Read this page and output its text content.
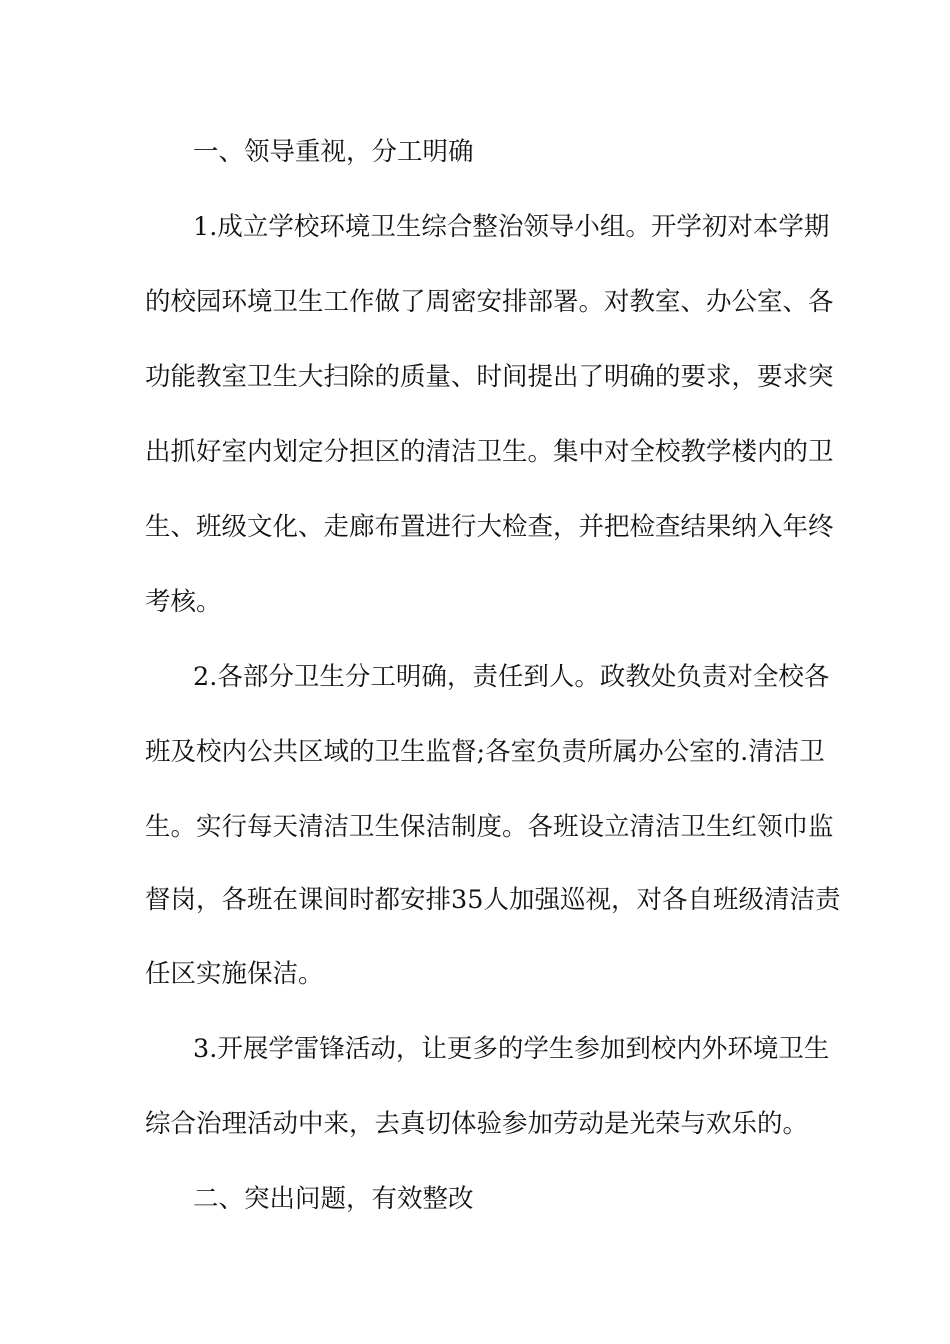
一、领导重视，分工明确
1.成立学校环境卫生综合整治领导小组。开学初对本学期
的校园环境卫生工作做了周密安排部署。对教室、办公室、各
功能教室卫生大扫除的质量、时间提出了明确的要求，要求突
出抓好室内划定分担区的清洁卫生。集中对全校教学楼内的卫
生、班级文化、走廊布置进行大检查，并把检查结果纳入年终
考核。
2.各部分卫生分工明确，责任到人。政教处负责对全校各
班及校内公共区域的卫生监督;各室负责所属办公室的.清洁卫
生。实行每天清洁卫生保洁制度。各班设立清洁卫生红领巾监
督岗，各班在课间时都安排35人加强巡视，对各自班级清洁责
任区实施保洁。
3.开展学雷锋活动，让更多的学生参加到校内外环境卫生
综合治理活动中来，去真切体验参加劳动是光荣与欢乐的。
二、突出问题，有效整改
